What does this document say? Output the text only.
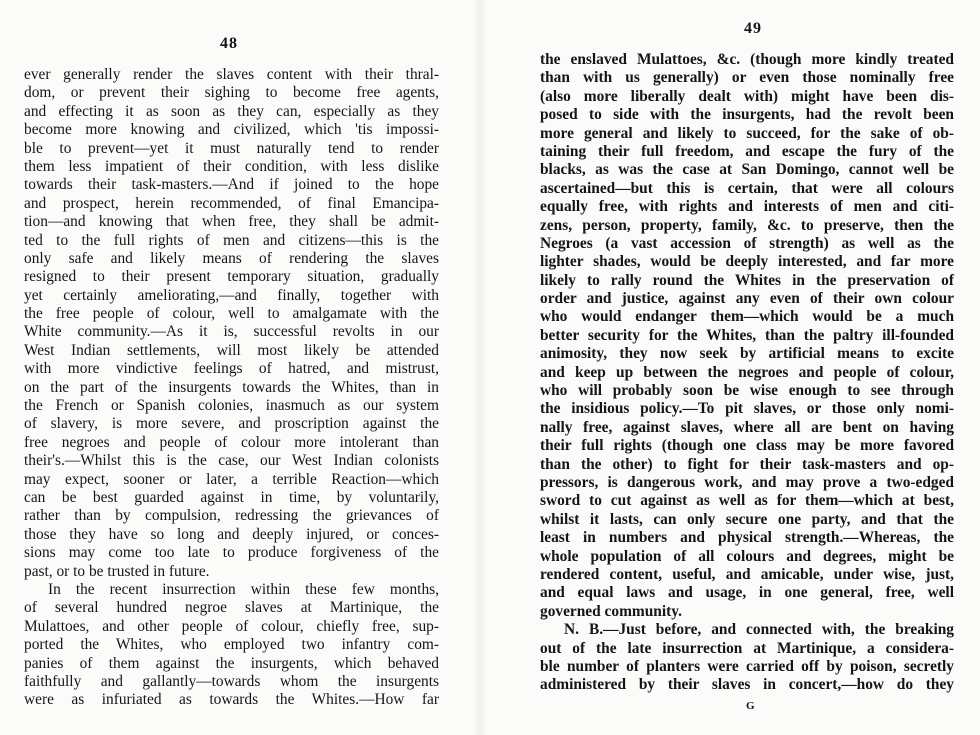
48
ever generally render the slaves content with their thral-
dom, or prevent their sighing to become free agents,
and effecting it as soon as they can, especially as they
become more knowing and civilized, which 'tis impossi-
ble to prevent—yet it must naturally tend to render
them less impatient of their condition, with less dislike
towards their task-masters.—And if joined to the hope
and prospect, herein recommended, of final Emancipa-
tion—and knowing that when free, they shall be admit-
ted to the full rights of men and citizens—this is the
only safe and likely means of rendering the slaves
resigned to their present temporary situation, gradually
yet certainly ameliorating,—and finally, together with
the free people of colour, well to amalgamate with the
White community.—As it is, successful revolts in our
West Indian settlements, will most likely be attended
with more vindictive feelings of hatred, and mistrust,
on the part of the insurgents towards the Whites, than in
the French or Spanish colonies, inasmuch as our system
of slavery, is more severe, and proscription against the
free negroes and people of colour more intolerant than
their's.—Whilst this is the case, our West Indian colonists
may expect, sooner or later, a terrible Reaction—which
can be best guarded against in time, by voluntarily,
rather than by compulsion, redressing the grievances of
those they have so long and deeply injured, or conces-
sions may come too late to produce forgiveness of the
past, or to be trusted in future.
In the recent insurrection within these few months,
of several hundred negroe slaves at Martinique, the
Mulattoes, and other people of colour, chiefly free, sup-
ported the Whites, who employed two infantry com-
panies of them against the insurgents, which behaved
faithfully and gallantly—towards whom the insurgents
were as infuriated as towards the Whites.—How far
49
the enslaved Mulattoes, &c. (though more kindly treated
than with us generally) or even those nominally free
(also more liberally dealt with) might have been dis-
posed to side with the insurgents, had the revolt been
more general and likely to succeed, for the sake of ob-
taining their full freedom, and escape the fury of the
blacks, as was the case at San Domingo, cannot well be
ascertained—but this is certain, that were all colours
equally free, with rights and interests of men and citi-
zens, person, property, family, &c. to preserve, then the
Negroes (a vast accession of strength) as well as the
lighter shades, would be deeply interested, and far more
likely to rally round the Whites in the preservation of
order and justice, against any even of their own colour
who would endanger them—which would be a much
better security for the Whites, than the paltry ill-founded
animosity, they now seek by artificial means to excite
and keep up between the negroes and people of colour,
who will probably soon be wise enough to see through
the insidious policy.—To pit slaves, or those only nomi-
nally free, against slaves, where all are bent on having
their full rights (though one class may be more favored
than the other) to fight for their task-masters and op-
pressors, is dangerous work, and may prove a two-edged
sword to cut against as well as for them—which at best,
whilst it lasts, can only secure one party, and that the
least in numbers and physical strength.—Whereas, the
whole population of all colours and degrees, might be
rendered content, useful, and amicable, under wise, just,
and equal laws and usage, in one general, free, well
governed community.
N. B.—Just before, and connected with, the breaking
out of the late insurrection at Martinique, a considera-
ble number of planters were carried off by poison, secretly
administered by their slaves in concert,—how do they
G
